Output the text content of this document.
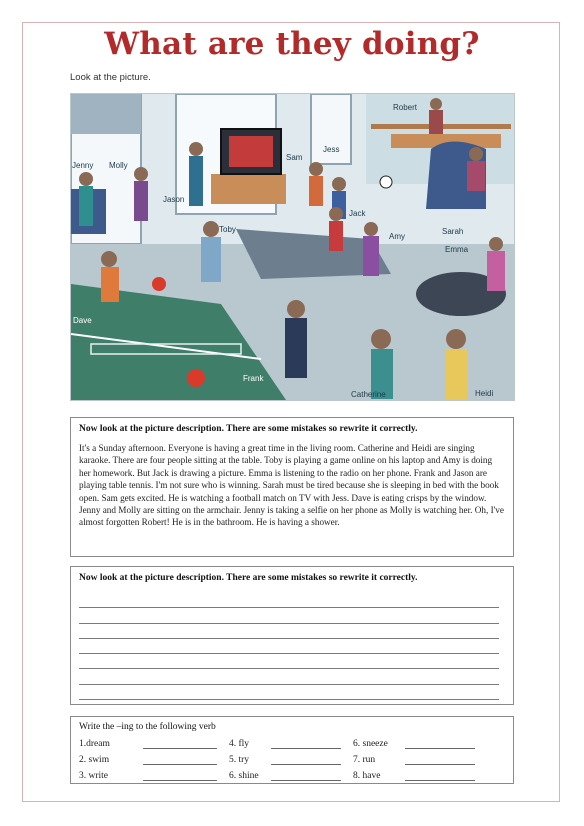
What are they doing?
Look at the picture.
Robert
Jenny Molly
Jason
Sam
Jess
Toby
Jack
Amy
Sarah
Emma
Dave
Frank
Catherine	Heidi
Now look at the picture description. There are some mistakes so rewrite it correctly.
It's a Sunday afternoon. Everyone is having a great time in the living room. Catherine and Heidi are singing karaoke. There are four people sitting at the table. Toby is playing a game online on his laptop and Amy is doing her homework. But Jack is drawing a picture. Emma is listening to the radio on her phone. Frank and Jason are playing table tennis. I'm not sure who is winning. Sarah must be tired because she is sleeping in bed with the book open. Sam gets excited. He is watching a football match on TV with Jess. Dave is eating crisps by the window. Jenny and Molly are sitting on the armchair. Jenny is taking a selfie on her phone as Molly is watching her. Oh, I've almost forgotten Robert! He is in the bathroom. He is having a shower.
Now look at the picture description. There are some mistakes so rewrite it correctly.
Write the –ing to the following verb
1.dream	4. fly	6. sneeze
2. swim	5. try	7. run
3. write	6. shine	8. have
